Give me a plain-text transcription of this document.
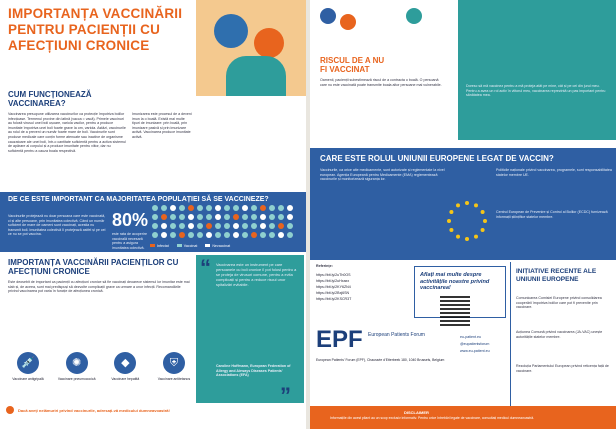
IMPORTANȚA VACCINĂRII PENTRU PACIENȚII CU AFECȚIUNI CRONICE
CUM FUNCȚIONEAZĂ VACCINAREA?
Vaccinarea presupune utilizarea vaccinurilor ca protecție împotriva bolilor infecțioase. Termenul provine din latină (vacca = vacă). Primele vaccinuri au folosit virusul unei boli ușoare, variola vacilor, pentru a produce imunitate împotriva unei boli foarte grave la om, variola. Astăzi, vaccinurile au rolul de a preveni un număr foarte mare de boli. Vaccinurile sunt produse medicale care conțin forme atenuate sau inactive de organisme cauzatoare ale unei boli, într-o cantitate suficientă pentru a activa sistemul de apărare al corpului și a produce imunitate pentru viitor, dar nu suficientă pentru a cauza boala respectivă.
Imunizarea este procesul de a deveni imun la o boală. Există mai multe tipuri de imunizare: prin boală, prin imunizare pasivă și prin imunizare activă. Vaccinarea produce imunitate activă.
DE CE ESTE IMPORTANT CA MAJORITATEA POPULAȚIEI SĂ SE VACCINEZE?
Vaccinurile protejează nu doar persoana care este vaccinată, ci și alte persoane, prin imunitatea colectivă. Când un număr suficient de mare de oameni sunt vaccinați, acestia nu transmit boli. Imunitatea colectivă îi protejează astfel și pe cei ce nu se pot vaccina.
80%
este rata de acoperire vaccinală necesară pentru a asigura imunitatea colectivă.	Infectat	Vaccinat	Nevaccinat
IMPORTANȚA VACCINĂRII PACIENȚILOR CU AFECȚIUNI CRONICE
Este deosebit de important ca pacienții cu afecțiuni cronice să fie vaccinați deoarece sistemul lor imunitar este mai slab și, de aceea, sunt mai predispuși să dezvolte complicații grave ca urmare a unor infecții. Recomandările privind vaccinarea pot varia în funcție de afecțiunea cronică.
“ Vaccinarea este un instrument pe care persoanele cu boli cronice îl pot folosi pentru a se proteja de virusuri comune, pentru a evita complicații și pentru a reduce riscul unor spitalizări evitabile.
Caroline Hoffmann, European Federation of Allergy and Airways Diseases Patients' Associations (EFA)
”
💉
Vaccinare antigripală
✺
Vaccinare pneumococică
◆
Vaccinare hepatită
⛨
Vaccinare antitetanos
Dacă aveți nelămuriri privind vaccinurile, adresați-vă medicului dumneavoastră!
RISCUL DE A NU FI VACCINAT
Oamenii, pacienții subestimează riscul de a contracta o boală. O persoană care nu este vaccinată poate transmite boala altor persoane mai vulnerabile.	Doresc să mă vaccinez pentru a mă proteja atât pe mine, cât și pe cei din jurul meu. Pentru a avea un rol activ în viitorul meu, vaccinarea reprezintă un pas important pentru sănătatea mea.
CARE ESTE ROLUL UNIUNII EUROPENE LEGAT DE VACCIN?
Vaccinurile, ca orice alte medicamente, sunt autorizate și reglementate la nivel european. Agenția Europeană pentru Medicamente (EMA) reglementează vaccinurile și monitorizează siguranța lor.
Politicile naționale privind vaccinarea, programele, sunt responsabilitatea statelor membre UE.
Centrul European de Prevenire și Control al Bolilor (ECDC) furnizează informații științifice statelor membre.
Referințe:
https://bit.ly/2uTh0OS
https://bit.ly/2uHxaxx
https://bit.ly/2KY6ZN4
https://bit.ly/2Bxj6SN
https://bit.ly/2KSCR3T
Aflați mai multe despre activitățile noastre privind vaccinarea!
EPF European Patients Forum
European Patients' Forum (EPF), Chaussée d'Etterbeek 180, 1040 Brussels, Belgium
eu-patient.eu
@eupatientsforum
www.eu-patient.eu
INIȚIATIVE RECENTE ALE UNIUNII EUROPENE
Comunicarea Comisiei Europene privind consolidarea cooperării împotriva bolilor care pot fi prevenite prin vaccinare.
Acțiunea Comună privind vaccinarea (JA-VAC) unește autoritățile statelor membre.
Rezoluția Parlamentului European privind reticența față de vaccinare.
DISCLAIMER
Informațiile din acest pliant au un scop exclusiv informativ. Pentru orice întrebări legate de vaccinare, consultați medicul dumneavoastră.
